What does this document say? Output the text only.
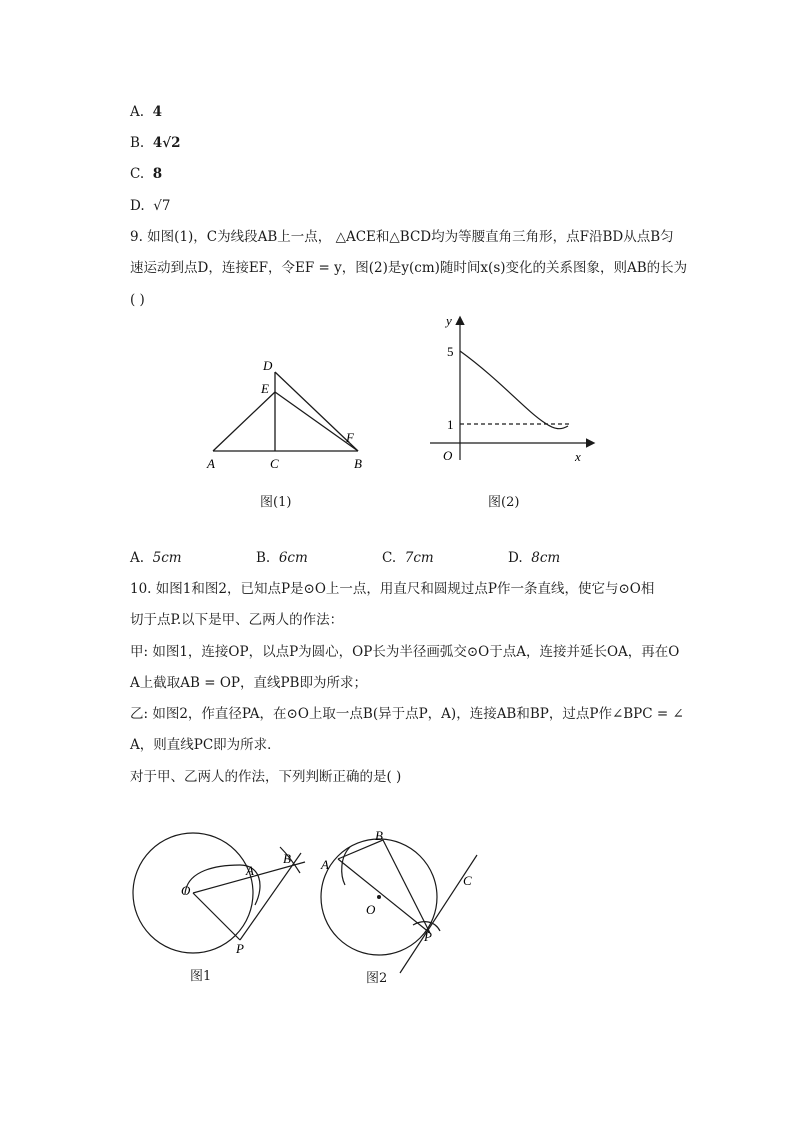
A. 4
B. 4√2
C. 8
D. √7
9. 如图(1)，C为线段AB上一点， △ACE和△BCD均为等腰直角三角形，点F沿BD从点B匀
速运动到点D，连接EF，令EF = y，图(2)是y(cm)随时间x(s)变化的关系图象，则AB的长为
( )
A	C	B
D
E
F
图(1)
y
x
O
5
1
图(2)
A. 5cm	B. 6cm	C. 7cm	D. 8cm
10. 如图1和图2，已知点P是⊙O上一点，用直尺和圆规过点P作一条直线，使它与⊙O相
切于点P.以下是甲、乙两人的作法：
甲: 如图1，连接OP，以点P为圆心，OP长为半径画弧交⊙O于点A，连接并延长OA，再在O
A上截取AB = OP，直线PB即为所求；
乙: 如图2，作直径PA，在⊙O上取一点B(异于点P，A)，连接AB和BP，过点P作∠BPC = ∠
A，则直线PC即为所求．
对于甲、乙两人的作法，下列判断正确的是( )
O
A
B
P
图1
A
B
O
P
C
图2
